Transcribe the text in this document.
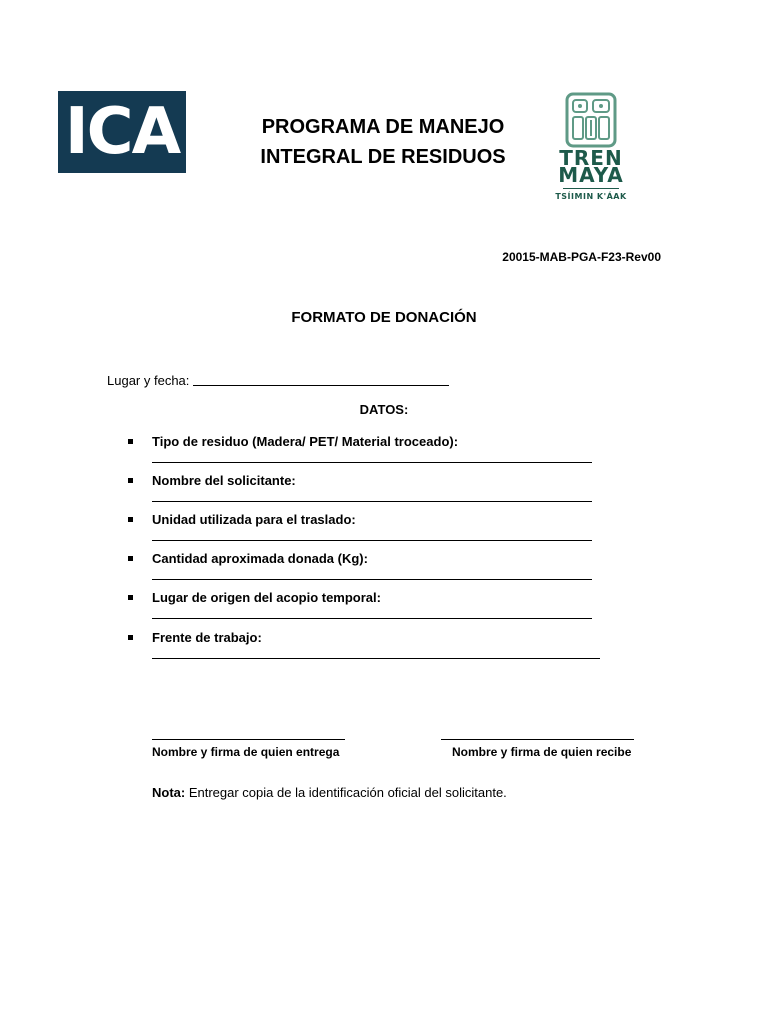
ICA	PROGRAMA DE MANEJO
INTEGRAL DE RESIDUOS	TREN
MAYA
TSÍIMIN K'ÁAK
20015-MAB-PGA-F23-Rev00
FORMATO DE DONACIÓN
Lugar y fecha:
DATOS:
Tipo de residuo (Madera/ PET/ Material troceado):
Nombre del solicitante:
Unidad utilizada para el traslado:
Cantidad aproximada donada (Kg):
Lugar de origen del acopio temporal:
Frente de trabajo:
Nombre y firma de quien entrega	Nombre y firma de quien recibe
Nota: Entregar copia de la identificación oficial del solicitante.
